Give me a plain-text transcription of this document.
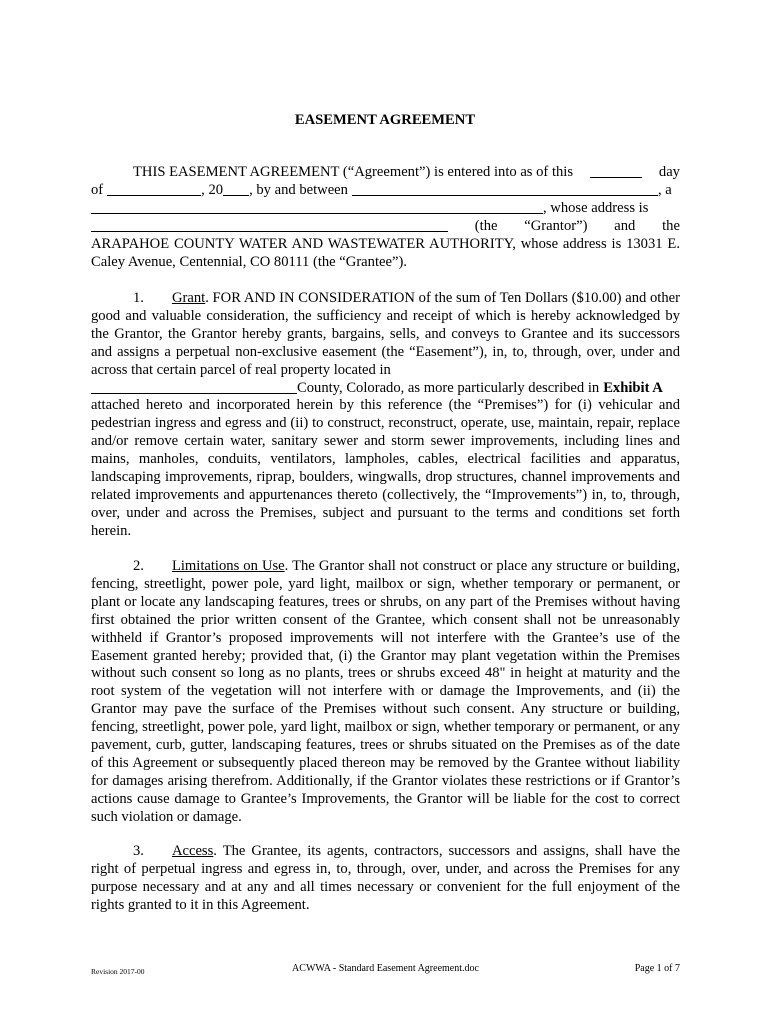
EASEMENT AGREEMENT
THIS EASEMENT AGREEMENT (“Agreement”) is entered into as of this	day
of	, 20 , by and between	, a
, whose address is
(the “Grantor”) and the

ARAPAHOE COUNTY WATER AND WASTEWATER AUTHORITY, whose address is 13031 E. Caley Avenue, Centennial, CO 80111 (the “Grantee”).

1. Grant. FOR AND IN CONSIDERATION of the sum of Ten Dollars ($10.00) and other good and valuable consideration, the sufficiency and receipt of which is hereby acknowledged by the Grantor, the Grantor hereby grants, bargains, sells, and conveys to Grantee and its successors and assigns a perpetual non-exclusive easement (the “Easement”), in, to, through, over, under and across that certain parcel of real property located in

County, Colorado, as more particularly described in Exhibit A

attached hereto and incorporated herein by this reference (the “Premises”) for (i) vehicular and pedestrian ingress and egress and (ii) to construct, reconstruct, operate, use, maintain, repair, replace and/or remove certain water, sanitary sewer and storm sewer improvements, including lines and mains, manholes, conduits, ventilators, lampholes, cables, electrical facilities and apparatus, landscaping improvements, riprap, boulders, wingwalls, drop structures, channel improvements and related improvements and appurtenances thereto (collectively, the “Improvements”) in, to, through, over, under and across the Premises, subject and pursuant to the terms and conditions set forth herein.

2. Limitations on Use. The Grantor shall not construct or place any structure or building, fencing, streetlight, power pole, yard light, mailbox or sign, whether temporary or permanent, or plant or locate any landscaping features, trees or shrubs, on any part of the Premises without having first obtained the prior written consent of the Grantee, which consent shall not be unreasonably withheld if Grantor’s proposed improvements will not interfere with the Grantee’s use of the Easement granted hereby; provided that, (i) the Grantor may plant vegetation within the Premises without such consent so long as no plants, trees or shrubs exceed 48" in height at maturity and the root system of the vegetation will not interfere with or damage the Improvements, and (ii) the Grantor may pave the surface of the Premises without such consent. Any structure or building, fencing, streetlight, power pole, yard light, mailbox or sign, whether temporary or permanent, or any pavement, curb, gutter, landscaping features, trees or shrubs situated on the Premises as of the date of this Agreement or subsequently placed thereon may be removed by the Grantee without liability for damages arising therefrom. Additionally, if the Grantor violates these restrictions or if Grantor’s actions cause damage to Grantee’s Improvements, the Grantor will be liable for the cost to correct such violation or damage.

3. Access. The Grantee, its agents, contractors, successors and assigns, shall have the right of perpetual ingress and egress in, to, through, over, under, and across the Premises for any purpose necessary and at any and all times necessary or convenient for the full enjoyment of the rights granted to it in this Agreement.

Revision 2017-00	ACWWA - Standard Easement Agreement.doc	Page 1 of 7
